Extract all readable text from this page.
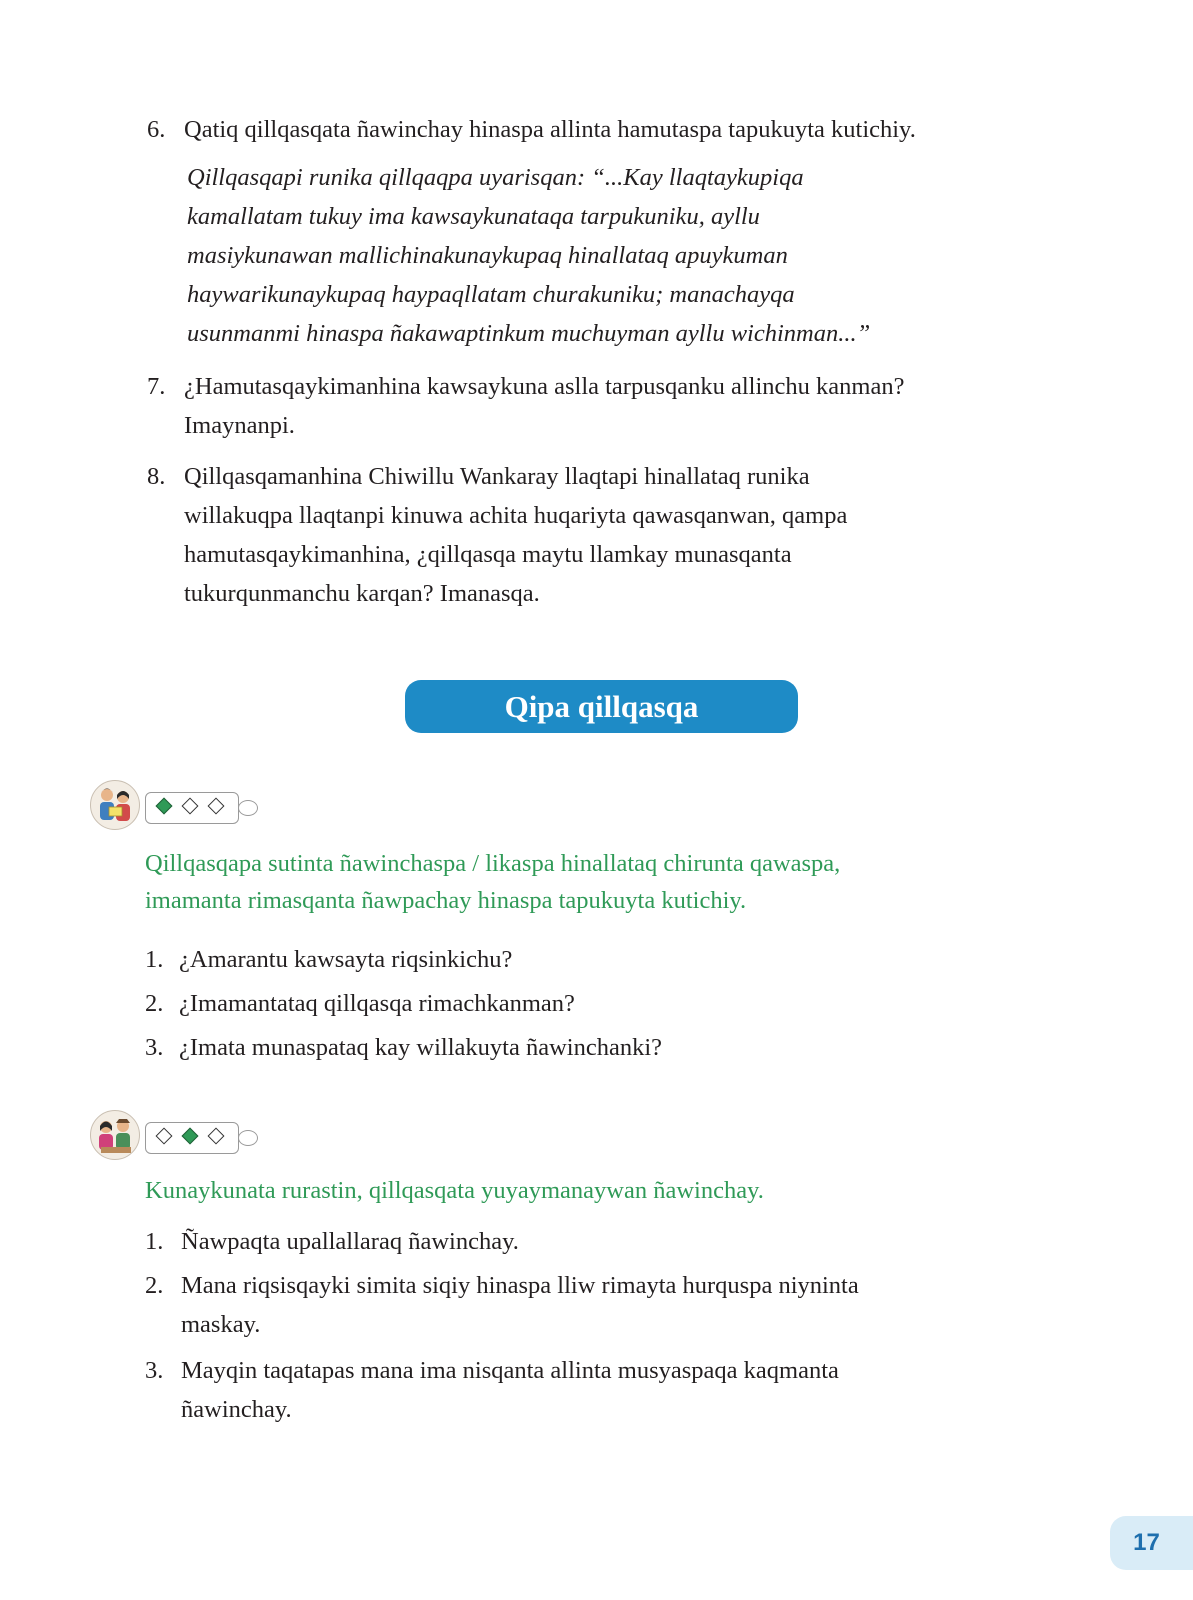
6. Qatiq qillqasqata ñawinchay hinaspa allinta hamutaspa tapukuyta kutichiy.
Qillqasqapi runika qillqaqpa uyarisqan: “...Kay llaqtaykupiqa
kamallatam tukuy ima kawsaykunataqa tarpukuniku, ayllu
masiykunawan mallichinakunaykupaq hinallataq apuykuman
haywarikunaykupaq haypaqllatam churakuniku; manachayqa
usunmanmi hinaspa ñakawaptinkum muchuyman ayllu wichinman...”
7. ¿Hamutasqaykimanhina kawsaykuna aslla tarpusqanku allinchu kanman?
Imaynanpi.
8. Qillqasqamanhina Chiwillu Wankaray llaqtapi hinallataq runika
willakuqpa llaqtanpi kinuwa achita huqariyta qawasqanwan, qampa
hamutasqaykimanhina, ¿qillqasqa maytu llamkay munasqanta
tukurqunmanchu karqan? Imanasqa.
Qipa qillqasqa
Qillqasqapa sutinta ñawinchaspa / likaspa hinallataq chirunta qawaspa,
imamanta rimasqanta ñawpachay hinaspa tapukuyta kutichiy.
1. ¿Amarantu kawsayta riqsinkichu?
2. ¿Imamantataq qillqasqa rimachkanman?
3. ¿Imata munaspataq kay willakuyta ñawinchanki?
Kunaykunata rurastin, qillqasqata yuyaymanaywan ñawinchay.
1. Ñawpaqta upallallaraq ñawinchay.
2. Mana riqsisqayki simita siqiy hinaspa lliw rimayta hurquspa niyninta
maskay.
3. Mayqin taqatapas mana ima nisqanta allinta musyaspaqa kaqmanta
ñawinchay.
17
